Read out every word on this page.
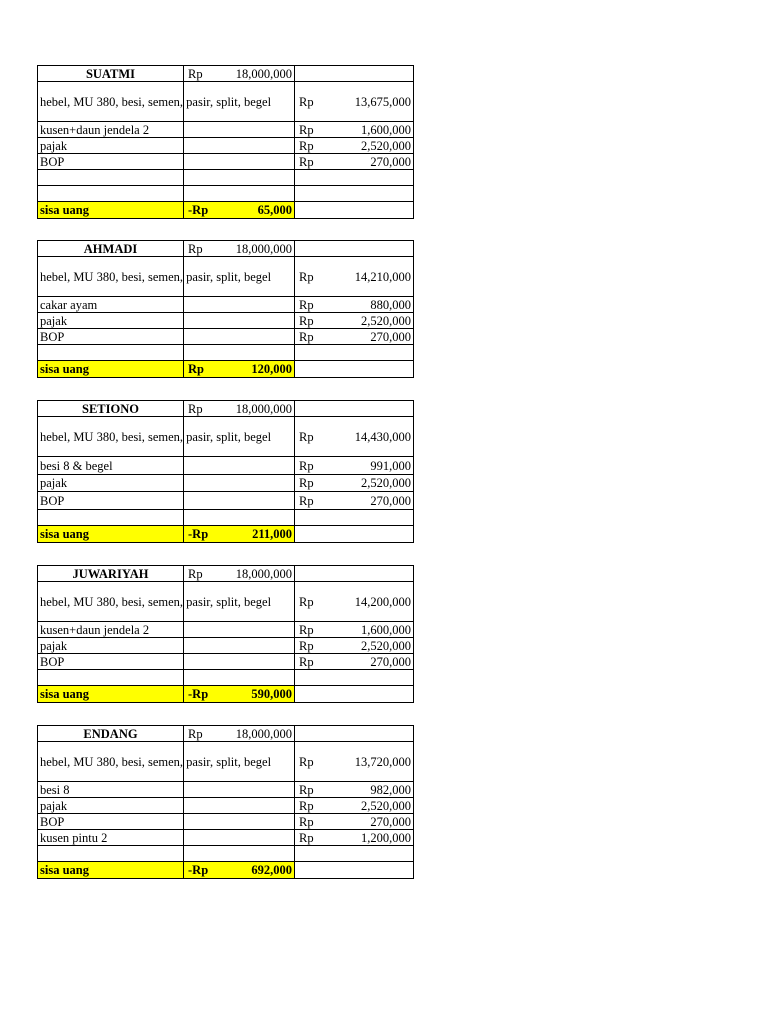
SUATMI	Rp 18,000,000	

hebel, MU 380, besi, semen, pasir, split, begel		Rp 13,675,000

kusen+daun jendela 2		Rp 1,600,000

pajak		Rp 2,520,000

BOP		Rp 270,000

sisa uang	-Rp 65,000	

AHMADI	Rp 18,000,000	

hebel, MU 380, besi, semen, pasir, split, begel		Rp 14,210,000

cakar ayam		Rp 880,000

pajak		Rp 2,520,000

BOP		Rp 270,000

sisa uang	Rp 120,000	

SETIONO	Rp 18,000,000	

hebel, MU 380, besi, semen, pasir, split, begel		Rp 14,430,000

besi 8 & begel		Rp 991,000

pajak		Rp 2,520,000

BOP		Rp 270,000

sisa uang	-Rp 211,000	

JUWARIYAH	Rp 18,000,000	

hebel, MU 380, besi, semen, pasir, split, begel		Rp 14,200,000

kusen+daun jendela 2		Rp 1,600,000

pajak		Rp 2,520,000

BOP		Rp 270,000

sisa uang	-Rp 590,000	

ENDANG	Rp 18,000,000	

hebel, MU 380, besi, semen, pasir, split, begel		Rp 13,720,000

besi 8		Rp 982,000

pajak		Rp 2,520,000

BOP		Rp 270,000

kusen pintu 2		Rp 1,200,000

sisa uang	-Rp 692,000	
